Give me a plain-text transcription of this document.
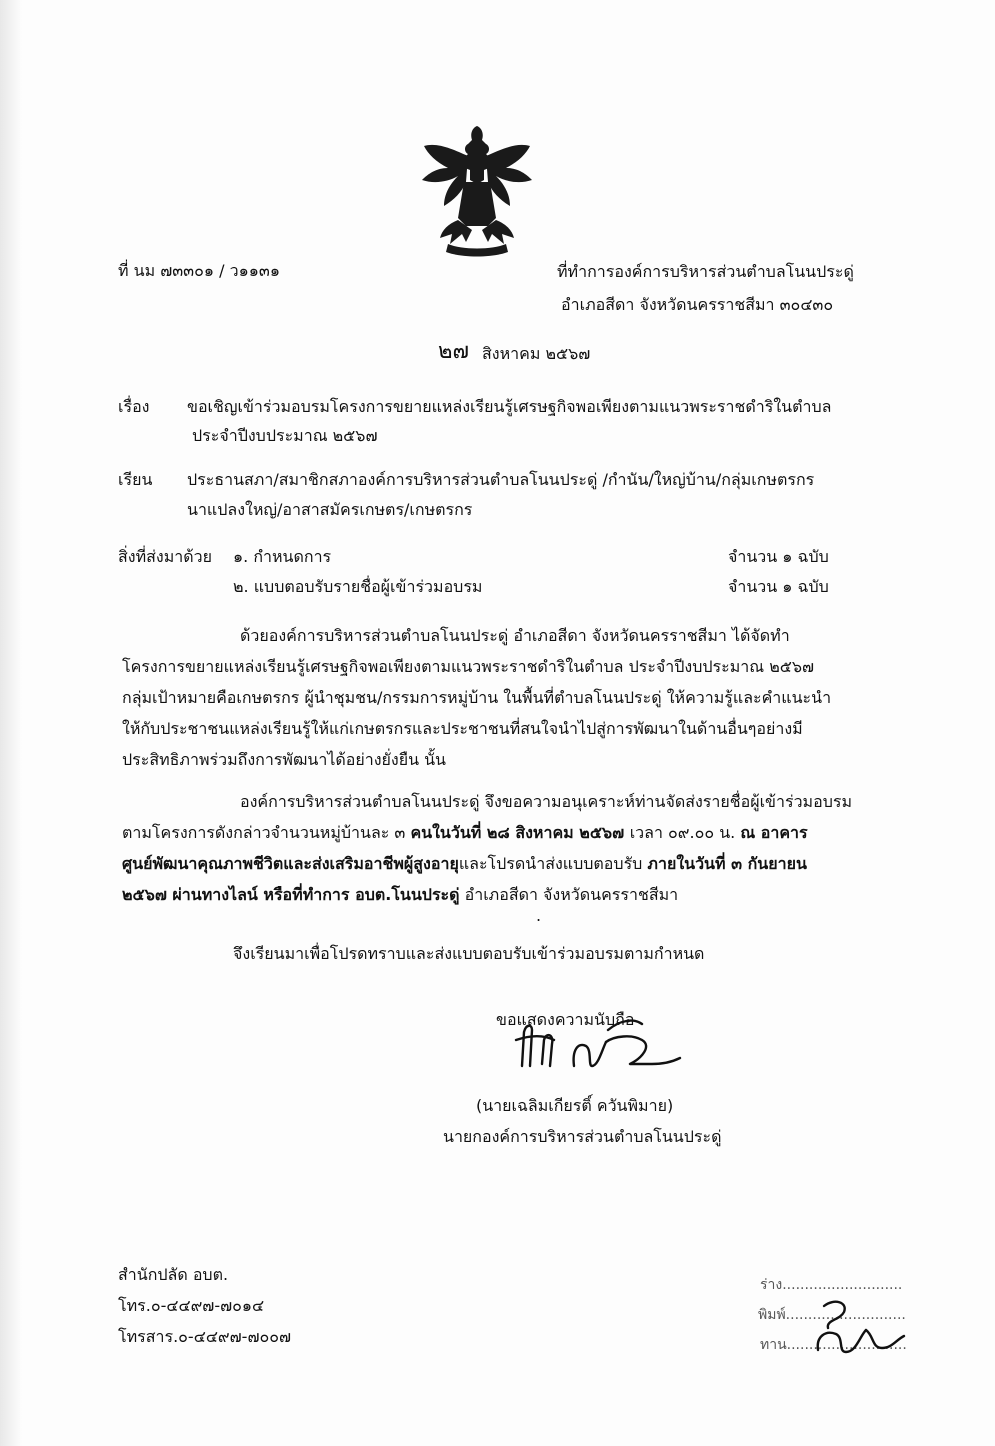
ที่ นม ๗๓๓๐๑ / ว๑๑๓๑	ที่ทำการองค์การบริหารส่วนตำบลโนนประดู่
อำเภอสีดา จังหวัดนครราชสีมา ๓๐๔๓๐
๒๗ สิงหาคม ๒๕๖๗
เรื่อง ขอเชิญเข้าร่วมอบรมโครงการขยายแหล่งเรียนรู้เศรษฐกิจพอเพียงตามแนวพระราชดำริในตำบล
ประจำปีงบประมาณ ๒๕๖๗
เรียน ประธานสภา/สมาชิกสภาองค์การบริหารส่วนตำบลโนนประดู่ /กำนัน/ใหญ่บ้าน/กลุ่มเกษตรกร
นาแปลงใหญ่/อาสาสมัครเกษตร/เกษตรกร
สิ่งที่ส่งมาด้วย ๑. กำหนดการ	จำนวน ๑ ฉบับ
๒. แบบตอบรับรายชื่อผู้เข้าร่วมอบรม	จำนวน ๑ ฉบับ
ด้วยองค์การบริหารส่วนตำบลโนนประดู่ อำเภอสีดา จังหวัดนครราชสีมา ได้จัดทำ
โครงการขยายแหล่งเรียนรู้เศรษฐกิจพอเพียงตามแนวพระราชดำริในตำบล ประจำปีงบประมาณ ๒๕๖๗
กลุ่มเป้าหมายคือเกษตรกร ผู้นำชุมชน/กรรมการหมู่บ้าน ในพื้นที่ตำบลโนนประดู่ ให้ความรู้และคำแนะนำ
ให้กับประชาชนแหล่งเรียนรู้ให้แก่เกษตรกรและประชาชนที่สนใจนำไปสู่การพัฒนาในด้านอื่นๆอย่างมี
ประสิทธิภาพร่วมถึงการพัฒนาได้อย่างยั่งยืน นั้น
องค์การบริหารส่วนตำบลโนนประดู่ จึงขอความอนุเคราะห์ท่านจัดส่งรายชื่อผู้เข้าร่วมอบรม
ตามโครงการดังกล่าวจำนวนหมู่บ้านละ ๓ คนในวันที่ ๒๘ สิงหาคม ๒๕๖๗ เวลา ๐๙.๐๐ น. ณ อาคาร
ศูนย์พัฒนาคุณภาพชีวิตและส่งเสริมอาชีพผู้สูงอายุและโปรดนำส่งแบบตอบรับ ภายในวันที่ ๓ กันยายน
๒๕๖๗ ผ่านทางไลน์ หรือที่ทำการ อบต.โนนประดู่ อำเภอสีดา จังหวัดนครราชสีมา
.
จึงเรียนมาเพื่อโปรดทราบและส่งแบบตอบรับเข้าร่วมอบรมตามกำหนด
ขอแสดงความนับถือ
(นายเฉลิมเกียรติ์ ควันพิมาย)
นายกองค์การบริหารส่วนตำบลโนนประดู่
สำนักปลัด อบต.
โทร.๐-๔๔๙๗-๗๐๑๔
โทรสาร.๐-๔๔๙๗-๗๐๐๗
ร่าง...........................
พิมพ์...........................
ทาน...........................
